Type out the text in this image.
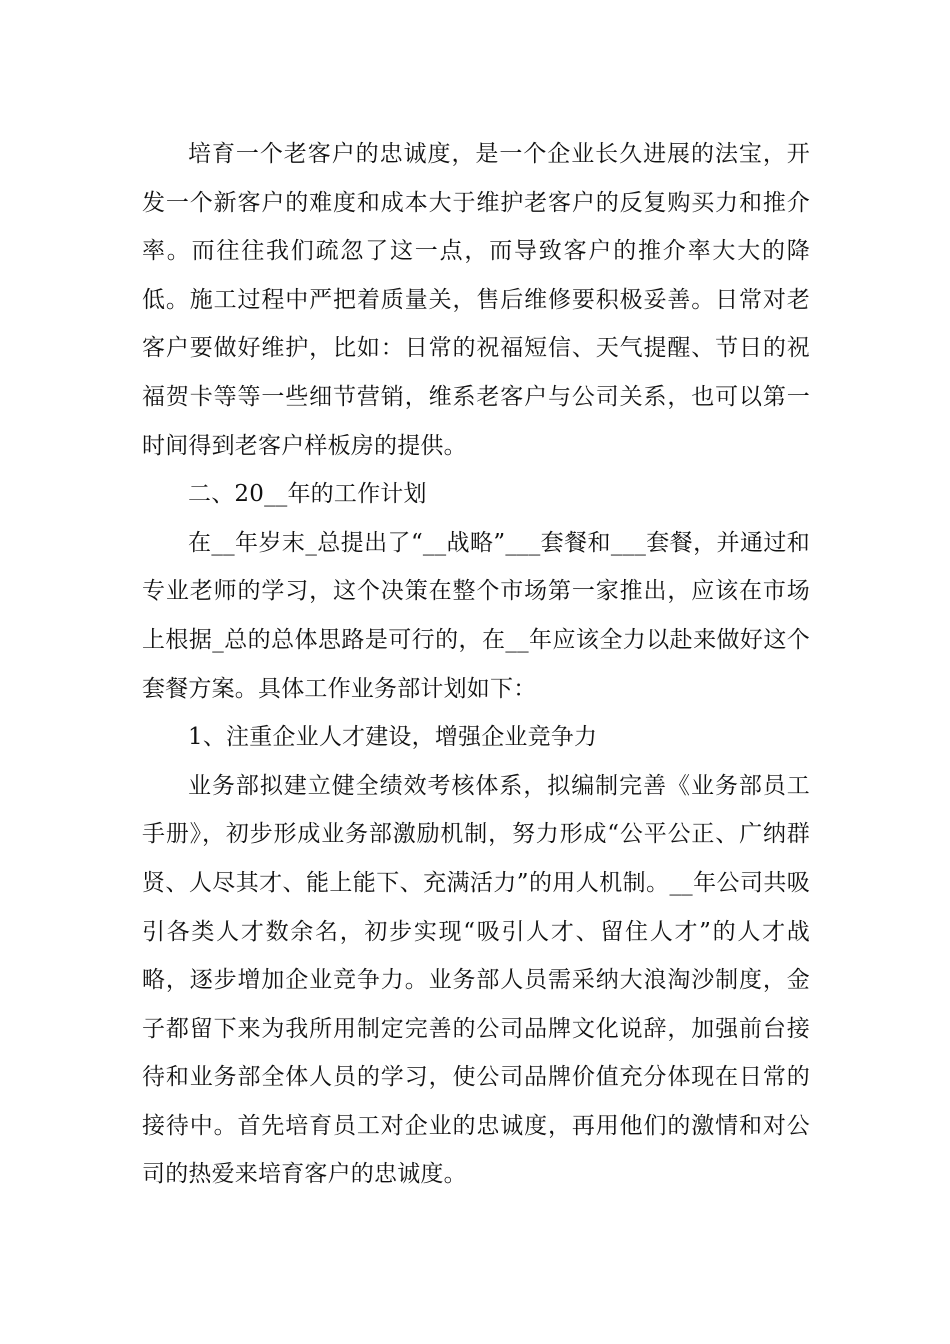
培育一个老客户的忠诚度，是一个企业长久进展的法宝，开发一个新客户的难度和成本大于维护老客户的反复购买力和推介率。而往往我们疏忽了这一点，而导致客户的推介率大大的降低。施工过程中严把着质量关，售后维修要积极妥善。日常对老客户要做好维护，比如：日常的祝福短信、天气提醒、节日的祝福贺卡等等一些细节营销，维系老客户与公司关系，也可以第一时间得到老客户样板房的提供。

二、20__年的工作计划

在__年岁末_总提出了“__战略”___套餐和___套餐，并通过和专业老师的学习，这个决策在整个市场第一家推出，应该在市场上根据_总的总体思路是可行的，在__年应该全力以赴来做好这个套餐方案。具体工作业务部计划如下：

1、注重企业人才建设，增强企业竞争力

业务部拟建立健全绩效考核体系，拟编制完善《业务部员工手册》，初步形成业务部激励机制，努力形成“公平公正、广纳群贤、人尽其才、能上能下、充满活力”的用人机制。__年公司共吸引各类人才数余名，初步实现“吸引人才、留住人才”的人才战略，逐步增加企业竞争力。业务部人员需采纳大浪淘沙制度，金子都留下来为我所用制定完善的公司品牌文化说辞，加强前台接待和业务部全体人员的学习，使公司品牌价值充分体现在日常的接待中。首先培育员工对企业的忠诚度，再用他们的激情和对公司的热爱来培育客户的忠诚度。
